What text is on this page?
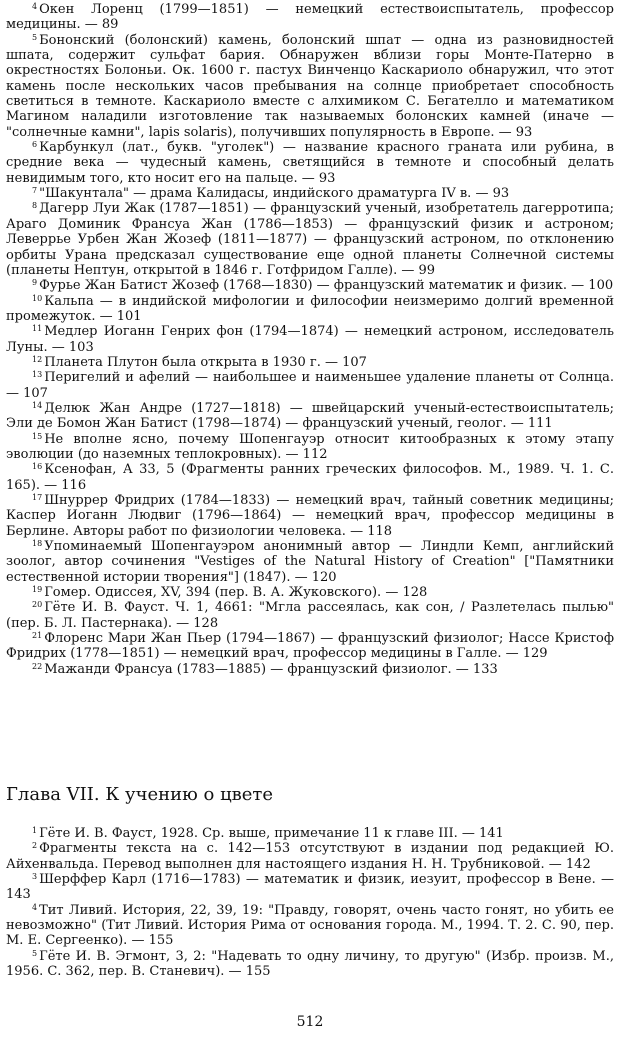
$^4$ Окен Лоренц (1799—1851) — немецкий естествоиспытатель, профессор медицины. — 89

$^5$ Бононский (болонский) камень, болонский шпат — одна из разновидностей шпата, содержит сульфат бария. Обнаружен вблизи горы Монте-Патерно в окрестностях Болоньи. Ок. 1600 г. пастух Винченцо Каскариоло обнаружил, что этот камень после нескольких часов пребывания на солнце приобретает способность светиться в темноте. Каскариоло вместе с алхимиком С. Бегателло и математиком Магином наладили изготовление так называемых болонских камней (иначе — "солнечные камни", lapis solaris), получившиx популярность в Европе. — 93

$^6$ Карбункул (лат., букв. "уголек") — название красного граната или рубина, в средние века — чудесный камень, светящийся в темноте и способный делать невидимым того, кто носит его на пальце. — 93

$^7$ "Шакунтала" — драма Калидасы, индийского драматурга IV в. — 93

$^8$ Дагерр Луи Жак (1787—1851) — французский ученый, изобретатель дагерротипа; Араго Доминик Франсуа Жан (1786—1853) — французский физик и астроном; Леверрье Урбен Жан Жозеф (1811—1877) — французский астроном, по отклонению орбиты Урана предсказал существование еще одной планеты Солнечной системы (планеты Нептун, открытой в 1846 г. Готфридом Галле). — 99

$^9$ Фурье Жан Батист Жозеф (1768—1830) — французский математик и физик. — 100

$^{10}$ Кальпа — в индийской мифологии и философии неизмеримо долгий временной промежуток. — 101

$^{11}$ Медлер Иоганн Генрих фон (1794—1874) — немецкий астроном, исследователь Луны. — 103

$^{12}$ Планета Плутон была открыта в 1930 г. — 107

$^{13}$ Перигелий и афелий — наибольшее и наименьшее удаление планеты от Солнца. — 107

$^{14}$ Делюк Жан Андре (1727—1818) — швейцарский ученый-естествоиспытатель; Эли де Бомон Жан Батист (1798—1874) — французский ученый, геолог. — 111

$^{15}$ Не вполне ясно, почему Шопенгауэр относит китообразных к этому этапу эволюции (до наземных теплокровных). — 112

$^{16}$ Ксенофан, А 33, 5 (Фрагменты ранних греческих философов. М., 1989. Ч. 1. С. 165). — 116

$^{17}$ Шнуррер Фридрих (1784—1833) — немецкий врач, тайный советник медицины; Каспер Иоганн Людвиг (1796—1864) — немецкий врач, профессор медицины в Берлине. Авторы работ по физиологии человека. — 118

$^{18}$ Упоминаемый Шопенгауэром анонимный автор — Линдли Кемп, английский зоолог, автор сочинения "Vestiges of the Natural History of Creation" ["Памятники естественной истории творения"] (1847). — 120

$^{19}$ Гомер. Одиссея, XV, 394 (пер. В. А. Жуковского). — 128

$^{20}$ Гёте И. В. Фауст. Ч. 1, 4661: "Мгла рассеялась, как сон, / Разлетелась пылью" (пер. Б. Л. Пастернака). — 128

$^{21}$ Флоренс Мари Жан Пьер (1794—1867) — французский физиолог; Нассе Кристоф Фридрих (1778—1851) — немецкий врач, профессор медицины в Галле. — 129

$^{22}$ Мажанди Франсуа (1783—1885) — французский физиолог. — 133

Глава VII. К учению о цвете

$^1$ Гёте И. В. Фауст, 1928. Ср. выше, примечание 11 к главе III. — 141

$^2$ Фрагменты текста на с. 142—153 отсутствуют в издании под редакцией Ю. Айхенвальда. Перевод выполнен для настоящего издания Н. Н. Трубниковой. — 142

$^3$ Шерффер Карл (1716—1783) — математик и физик, иезуит, профессор в Вене. — 143

$^4$ Тит Ливий. История, 22, 39, 19: "Правду, говорят, очень часто гонят, но убить ее невозможно" (Тит Ливий. История Рима от основания города. М., 1994. Т. 2. С. 90, пер. М. Е. Сергеенко). — 155

$^5$ Гёте И. В. Эгмонт, 3, 2: "Надевать то одну личину, то другую" (Избр. произв. М., 1956. С. 362, пер. В. Станевич). — 155

512
